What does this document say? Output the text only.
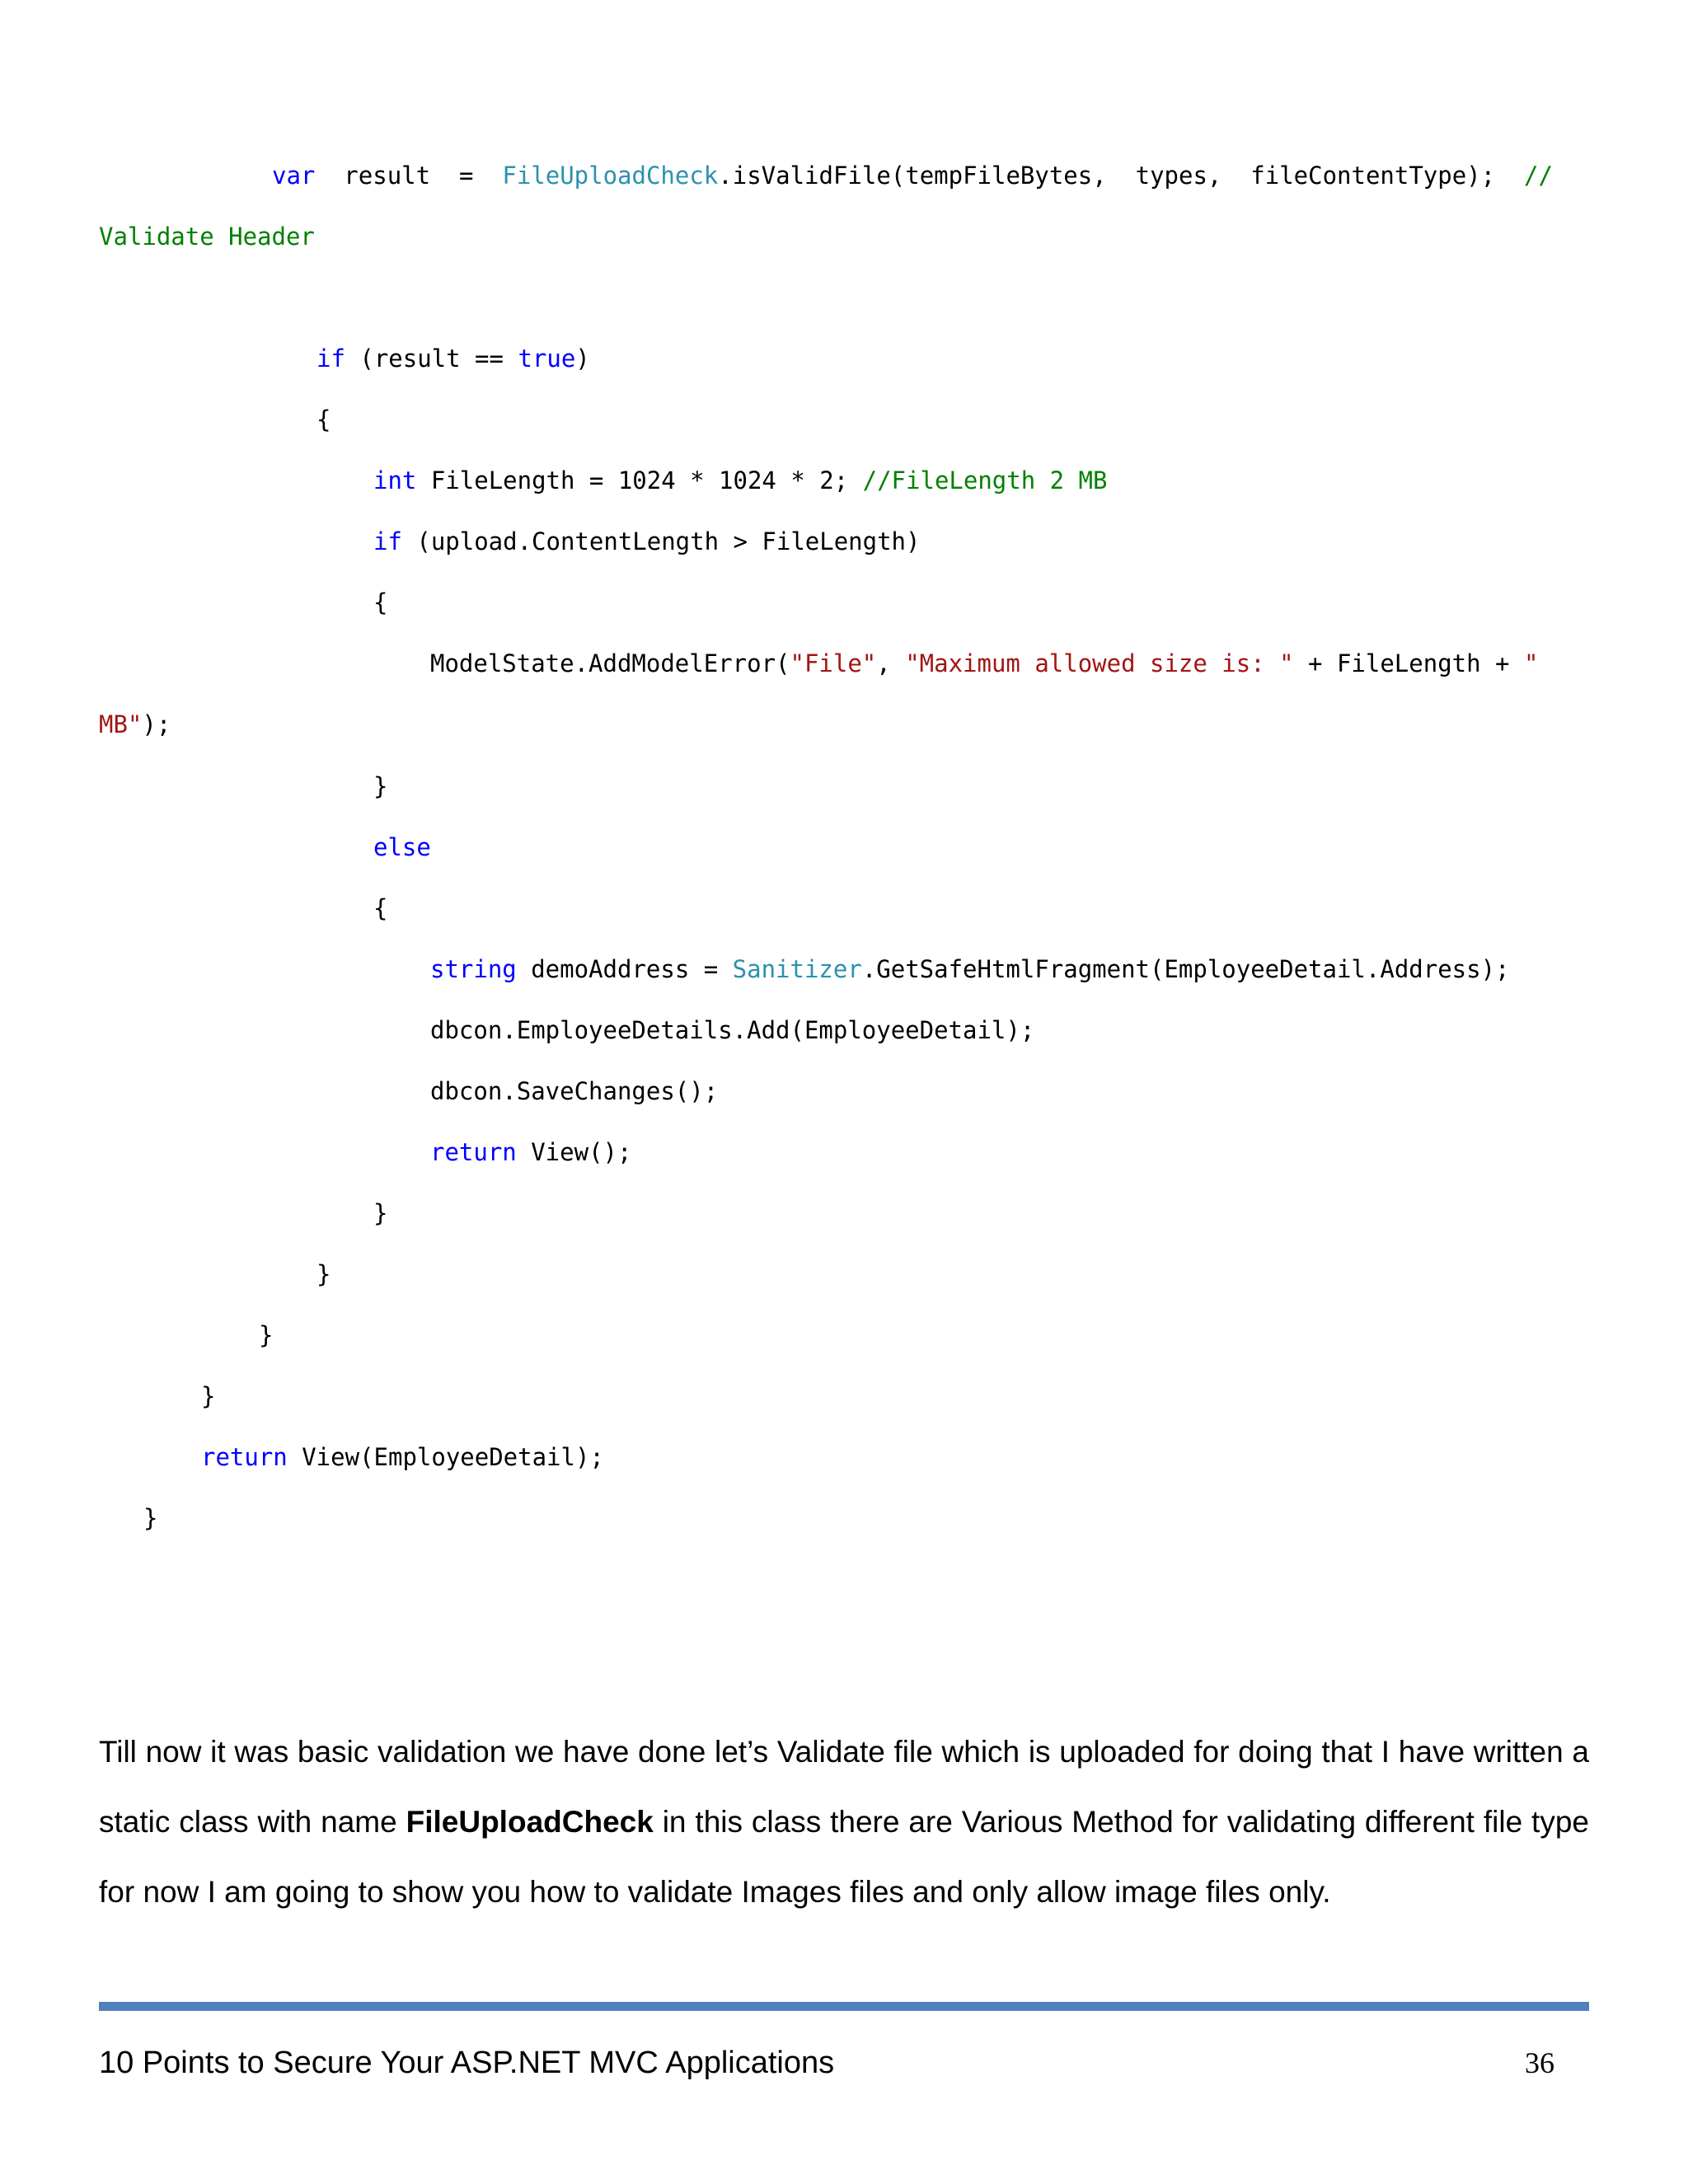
var  result  =  FileUploadCheck.isValidFile(tempFileBytes,  types,  fileContentType);  //
Validate Header
if (result == true)
{
int FileLength = 1024 * 1024 * 2; //FileLength 2 MB
if (upload.ContentLength > FileLength)
{
ModelState.AddModelError("File", "Maximum allowed size is: " + FileLength + "
MB");
}
else
{
string demoAddress = Sanitizer.GetSafeHtmlFragment(EmployeeDetail.Address);
dbcon.EmployeeDetails.Add(EmployeeDetail);
dbcon.SaveChanges();
return View();
}
}
}
}
return View(EmployeeDetail);
}

Till now it was basic validation we have done let’s Validate file which is uploaded for doing that I have written a static class with name FileUploadCheck in this class there are Various Method for validating different file type for now I am going to show you how to validate Images files and only allow image files only.

10 Points to Secure Your ASP.NET MVC Applications	36
